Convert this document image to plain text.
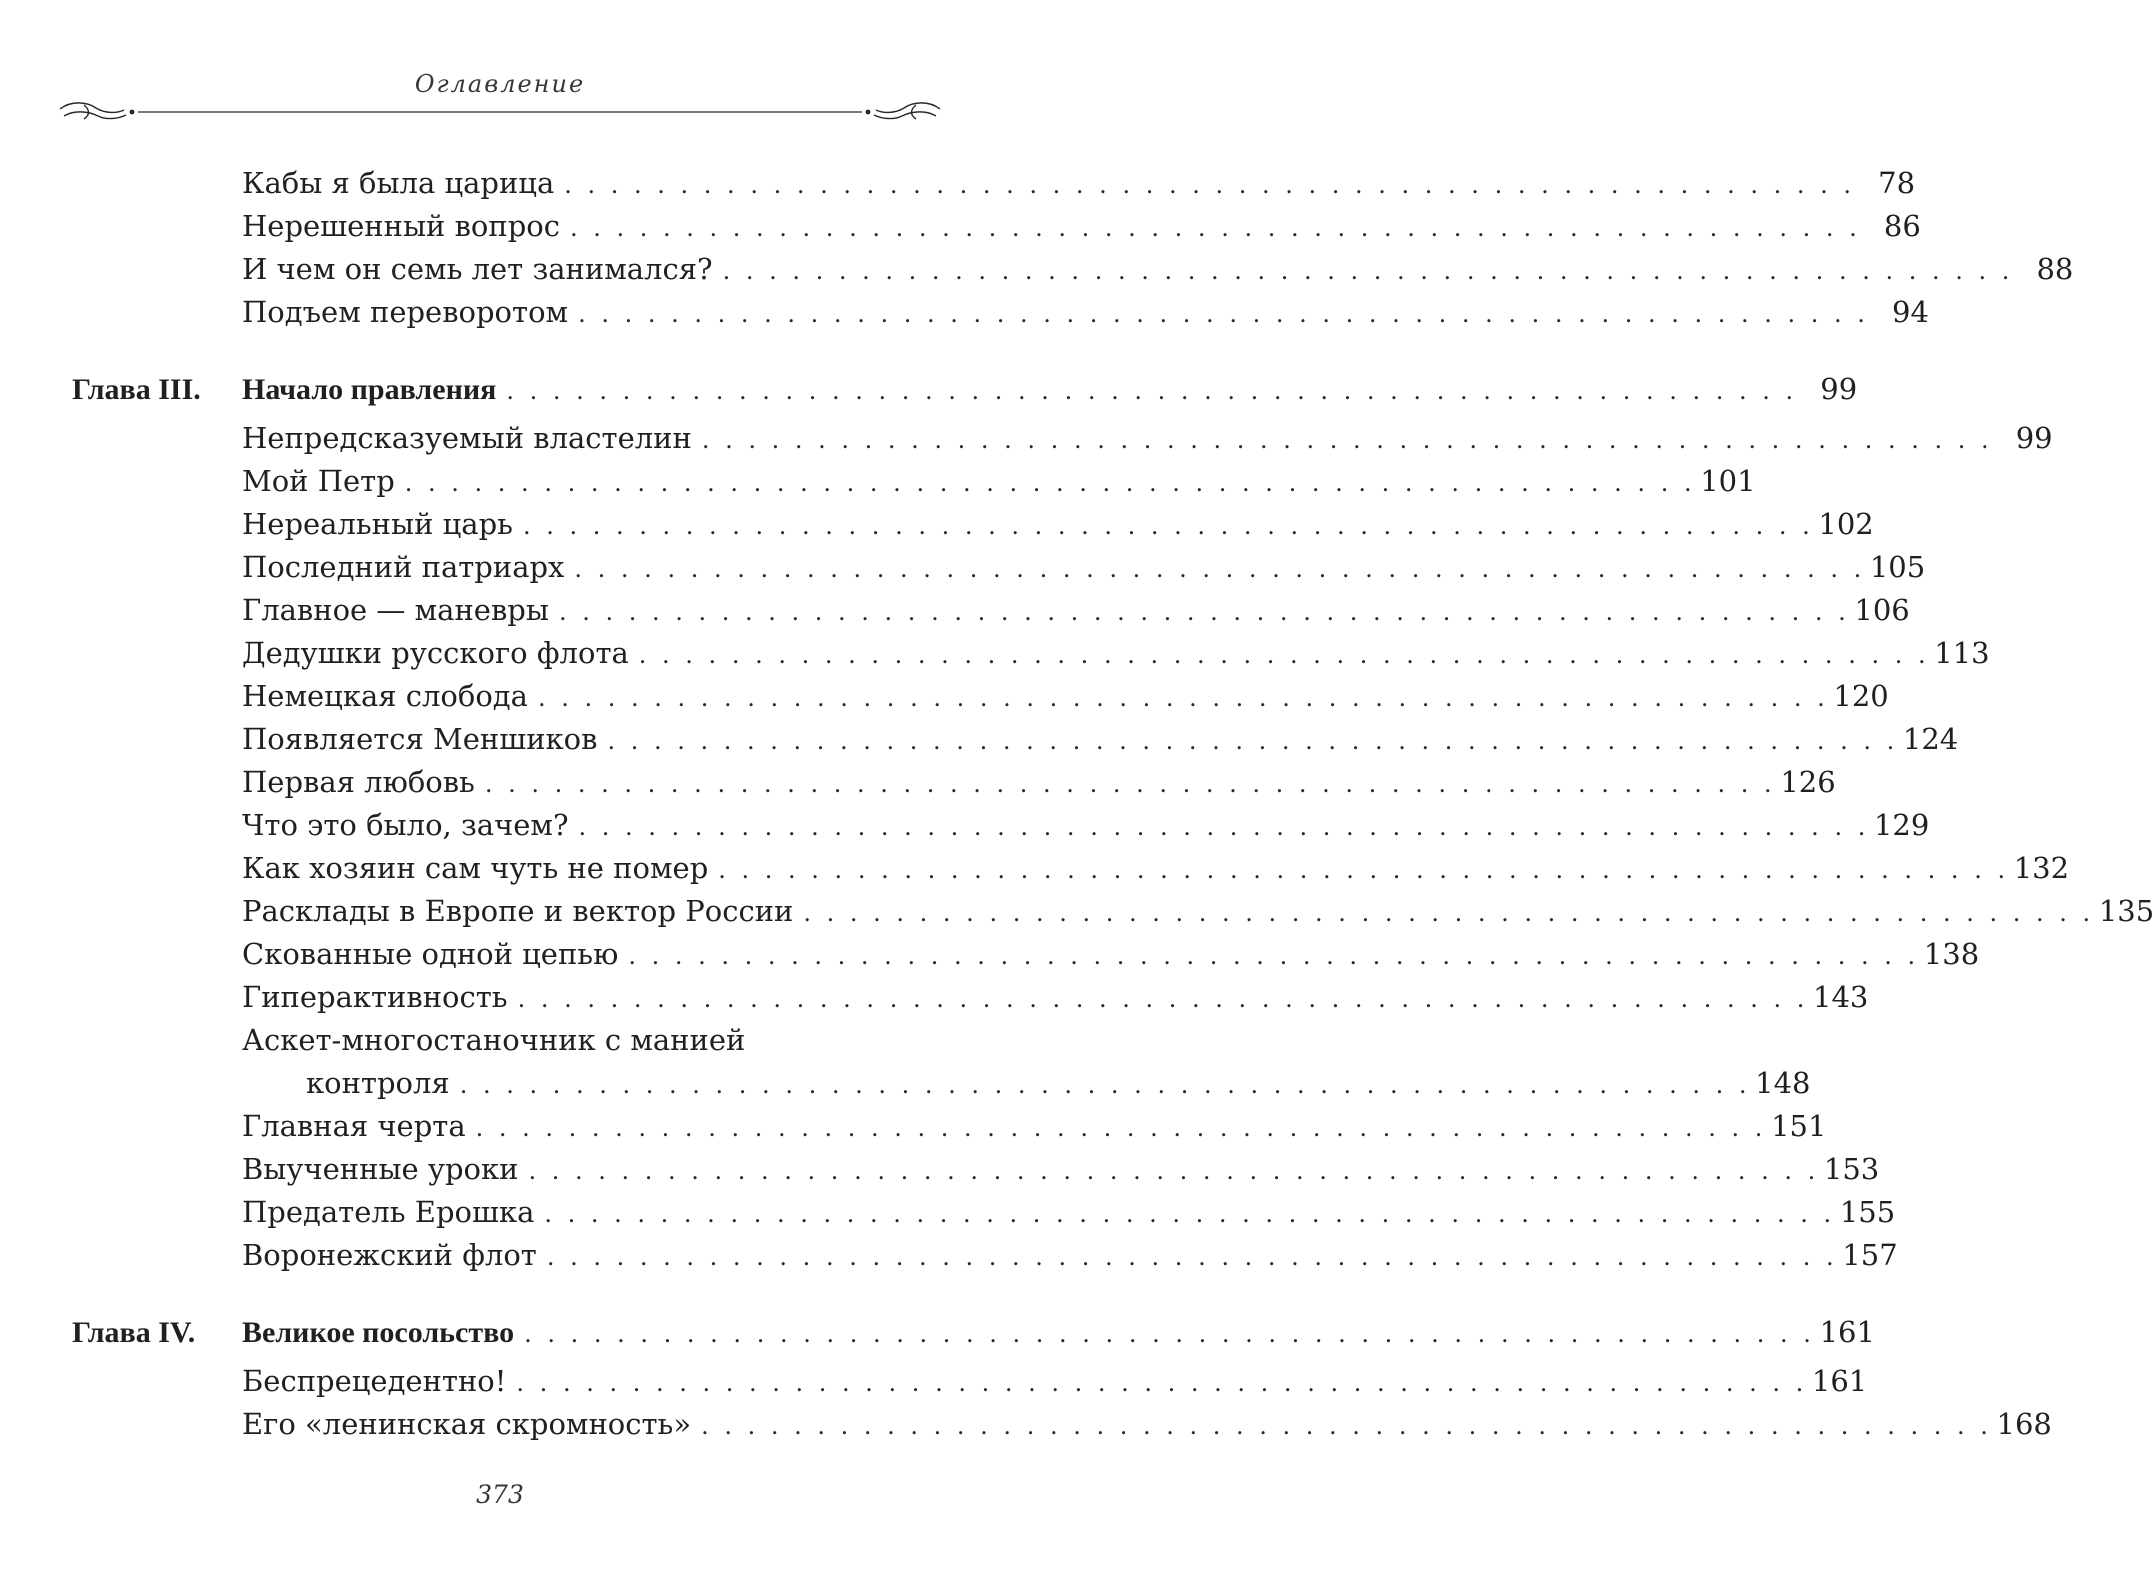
Оглавление
Кабы я была царица . . . . . . . . . . . . . . . . . . . . . . . . . . . . . . . . . . . . . . . . . . . . . . . . . . . . . . . . 78
Нерешенный вопрос . . . . . . . . . . . . . . . . . . . . . . . . . . . . . . . . . . . . . . . . . . . . . . . . . . . . . . . . 86
И чем он семь лет занимался? . . . . . . . . . . . . . . . . . . . . . . . . . . . . . . . . . . . . . . . . . . . . . . . . . . . . . . . . 88
Подъем переворотом . . . . . . . . . . . . . . . . . . . . . . . . . . . . . . . . . . . . . . . . . . . . . . . . . . . . . . . . 94
Глава III. Начало правления . . . . . . . . . . . . . . . . . . . . . . . . . . . . . . . . . . . . . . . . . . . . . . . . . . . . . . . . 99
Непредсказуемый властелин . . . . . . . . . . . . . . . . . . . . . . . . . . . . . . . . . . . . . . . . . . . . . . . . . . . . . . . . 99
Мой Петр . . . . . . . . . . . . . . . . . . . . . . . . . . . . . . . . . . . . . . . . . . . . . . . . . . . . . . . . 101
Нереальный царь . . . . . . . . . . . . . . . . . . . . . . . . . . . . . . . . . . . . . . . . . . . . . . . . . . . . . . . . 102
Последний патриарх . . . . . . . . . . . . . . . . . . . . . . . . . . . . . . . . . . . . . . . . . . . . . . . . . . . . . . . . 105
Главное — маневры . . . . . . . . . . . . . . . . . . . . . . . . . . . . . . . . . . . . . . . . . . . . . . . . . . . . . . . . 106
Дедушки русского флота . . . . . . . . . . . . . . . . . . . . . . . . . . . . . . . . . . . . . . . . . . . . . . . . . . . . . . . . 113
Немецкая слобода . . . . . . . . . . . . . . . . . . . . . . . . . . . . . . . . . . . . . . . . . . . . . . . . . . . . . . . . 120
Появляется Меншиков . . . . . . . . . . . . . . . . . . . . . . . . . . . . . . . . . . . . . . . . . . . . . . . . . . . . . . . . 124
Первая любовь . . . . . . . . . . . . . . . . . . . . . . . . . . . . . . . . . . . . . . . . . . . . . . . . . . . . . . . . 126
Что это было, зачем? . . . . . . . . . . . . . . . . . . . . . . . . . . . . . . . . . . . . . . . . . . . . . . . . . . . . . . . . 129
Как хозяин сам чуть не помер . . . . . . . . . . . . . . . . . . . . . . . . . . . . . . . . . . . . . . . . . . . . . . . . . . . . . . . . 132
Расклады в Европе и вектор России . . . . . . . . . . . . . . . . . . . . . . . . . . . . . . . . . . . . . . . . . . . . . . . . . . . . . . . . 135
Скованные одной цепью . . . . . . . . . . . . . . . . . . . . . . . . . . . . . . . . . . . . . . . . . . . . . . . . . . . . . . . . 138
Гиперактивность . . . . . . . . . . . . . . . . . . . . . . . . . . . . . . . . . . . . . . . . . . . . . . . . . . . . . . . . 143
Аскет-многостаночник с манией
контроля . . . . . . . . . . . . . . . . . . . . . . . . . . . . . . . . . . . . . . . . . . . . . . . . . . . . . . . . 148
Главная черта . . . . . . . . . . . . . . . . . . . . . . . . . . . . . . . . . . . . . . . . . . . . . . . . . . . . . . . . 151
Выученные уроки . . . . . . . . . . . . . . . . . . . . . . . . . . . . . . . . . . . . . . . . . . . . . . . . . . . . . . . . 153
Предатель Ерошка . . . . . . . . . . . . . . . . . . . . . . . . . . . . . . . . . . . . . . . . . . . . . . . . . . . . . . . . 155
Воронежский флот . . . . . . . . . . . . . . . . . . . . . . . . . . . . . . . . . . . . . . . . . . . . . . . . . . . . . . . . 157
Глава IV. Великое посольство . . . . . . . . . . . . . . . . . . . . . . . . . . . . . . . . . . . . . . . . . . . . . . . . . . . . . . . . 161
Беспрецедентно! . . . . . . . . . . . . . . . . . . . . . . . . . . . . . . . . . . . . . . . . . . . . . . . . . . . . . . . . 161
Его «ленинская скромность» . . . . . . . . . . . . . . . . . . . . . . . . . . . . . . . . . . . . . . . . . . . . . . . . . . . . . . . . 168
373
